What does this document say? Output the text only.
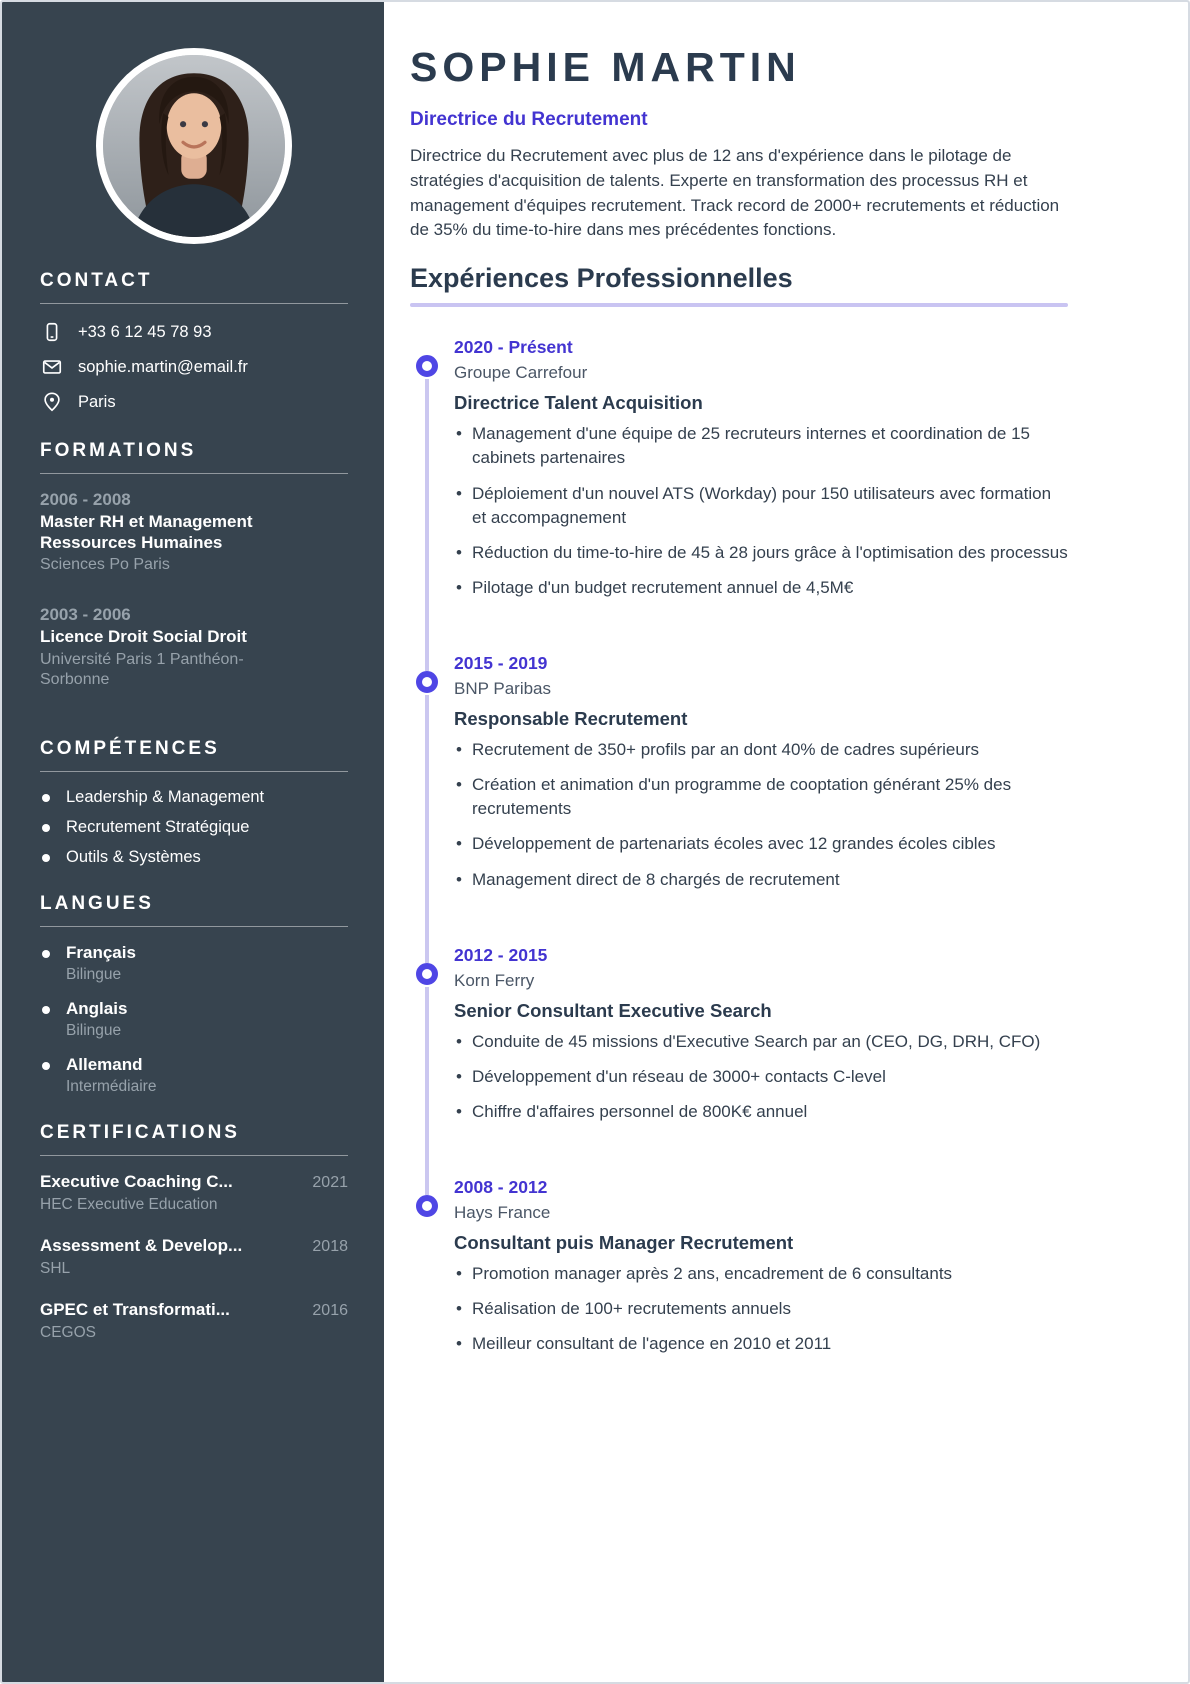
CONTACT
+33 6 12 45 78 93
sophie.martin@email.fr
Paris
FORMATIONS
2006 - 2008
Master RH et Management Ressources Humaines
Sciences Po Paris
2003 - 2006
Licence Droit Social Droit
Université Paris 1 Panthéon-Sorbonne
COMPÉTENCES
Leadership & Management
Recrutement Stratégique
Outils & Systèmes
LANGUES
Français
Bilingue
Anglais
Bilingue
Allemand
Intermédiaire
CERTIFICATIONS
Executive Coaching C...	2021
HEC Executive Education
Assessment & Develop...	2018
SHL
GPEC et Transformati...	2016
CEGOS
SOPHIE MARTIN
Directrice du Recrutement

Directrice du Recrutement avec plus de 12 ans d'expérience dans le pilotage de stratégies d'acquisition de talents. Experte en transformation des processus RH et management d'équipes recrutement. Track record de 2000+ recrutements et réduction de 35% du time-to-hire dans mes précédentes fonctions.

Expériences Professionnelles
2020 - Présent
Groupe Carrefour
Directrice Talent Acquisition
• Management d'une équipe de 25 recruteurs internes et coordination de 15 cabinets partenaires
• Déploiement d'un nouvel ATS (Workday) pour 150 utilisateurs avec formation et accompagnement
• Réduction du time-to-hire de 45 à 28 jours grâce à l'optimisation des processus
• Pilotage d'un budget recrutement annuel de 4,5M€
2015 - 2019
BNP Paribas
Responsable Recrutement
• Recrutement de 350+ profils par an dont 40% de cadres supérieurs
• Création et animation d'un programme de cooptation générant 25% des recrutements
• Développement de partenariats écoles avec 12 grandes écoles cibles
• Management direct de 8 chargés de recrutement
2012 - 2015
Korn Ferry
Senior Consultant Executive Search
• Conduite de 45 missions d'Executive Search par an (CEO, DG, DRH, CFO)
• Développement d'un réseau de 3000+ contacts C-level
• Chiffre d'affaires personnel de 800K€ annuel
2008 - 2012
Hays France
Consultant puis Manager Recrutement
• Promotion manager après 2 ans, encadrement de 6 consultants
• Réalisation de 100+ recrutements annuels
• Meilleur consultant de l'agence en 2010 et 2011
